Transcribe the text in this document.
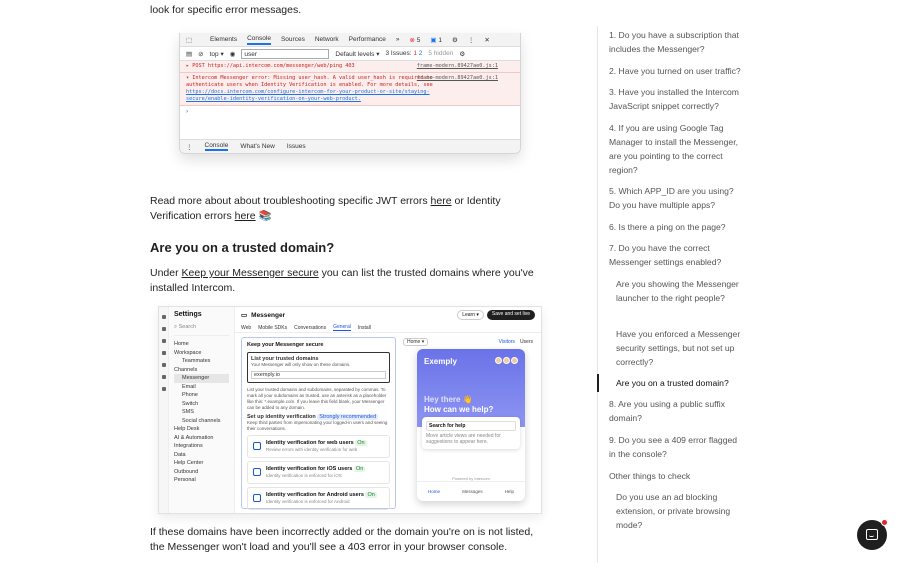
look for specific error messages.
⬚	Elements Console Sources Network Performance » ⊗ 5 ▣ 1 ⚙ ⋮ ✕
▤ ⊘ top ▾ ◉	user	Default levels ▾ 3 Issues: 1 2 5 hidden ⚙
▸ POST https://api.intercom.com/messenger/web/ping 403	frame-modern.89427ae0.js:1
▾ Intercom Messenger error: Missing user_hash. A valid user_hash is required to authenticate users when Identity Verification is enabled. For more details, see https://docs.intercom.com/configure-intercom-for-your-product-or-site/staying-secure/enable-identity-verification-on-your-web-product.
frame-modern.89427ae0.js:1
›
⋮ Console What's New Issues
Read more about about troubleshooting specific JWT errors here or Identity Verification errors here 📚
Are you on a trusted domain?
Under Keep your Messenger secure you can list the trusted domains where you've installed Intercom.
Settings
⌕ Search
Home
Workspace
Teammates
Channels
Messenger
Email
Phone
Switch
SMS
Social channels
Help Desk
AI & Automation
Integrations
Data
Help Center
Outbound
Personal
▭ Messenger	Learn ▾	Save and set live
Web Mobile SDKs Conversations General Install
Keep your Messenger secure
List your trusted domains
Your Messenger will only show on these domains.
exemply.io
List your trusted domains and subdomains, separated by commas. To mark all your subdomains as trusted, use an asterisk as a placeholder like this: *.example.com. If you leave this field blank, your Messenger can be added to any domain.
Set up identity verification Strongly recommended
Keep third parties from impersonating your logged-in users and seeing their conversations.
Identity verification for web users On
Review errors with identity verification for web
Identity verification for iOS users On
Identity verification is enforced for iOS
Identity verification for Android users On
Identity verification is enforced for Android
Home ▾	Visitors Users
Exemply
Hey there 👋
How can we help?
Search for help
Move article views are needed for suggestions to appear here.
Powered by Intercom
Home	Messages	Help
If these domains have been incorrectly added or the domain you're on is not listed, the Messenger won't load and you'll see a 403 error in your browser console.
1. Do you have a subscription that includes the Messenger?
2. Have you turned on user traffic?
3. Have you installed the Intercom JavaScript snippet correctly?
4. If you are using Google Tag Manager to install the Messenger, are you pointing to the correct region?
5. Which APP_ID are you using? Do you have multiple apps?
6. Is there a ping on the page?
7. Do you have the correct Messenger settings enabled?
Are you showing the Messenger launcher to the right people?
Have you enforced a Messenger security settings, but not set up correctly?
Are you on a trusted domain?
8. Are you using a public suffix domain?
9. Do you see a 409 error flagged in the console?
Other things to check
Do you use an ad blocking extension, or private browsing mode?
